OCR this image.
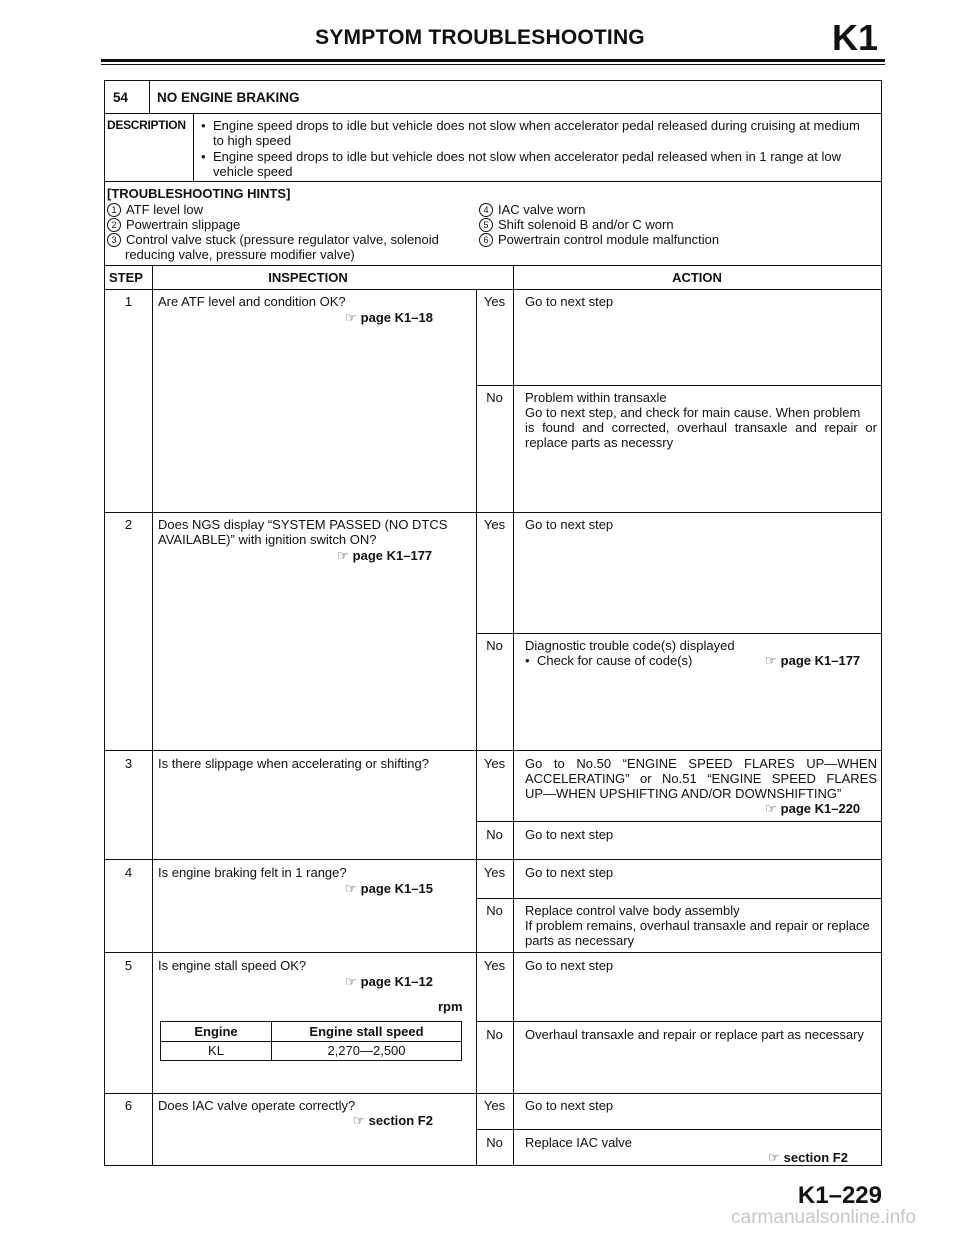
SYMPTOM TROUBLESHOOTING	K1
54 NO ENGINE BRAKING
DESCRIPTION • Engine speed drops to idle but vehicle does not slow when accelerator pedal released during cruising at medium
to high speed
• Engine speed drops to idle but vehicle does not slow when accelerator pedal released when in 1 range at low
vehicle speed
[TROUBLESHOOTING HINTS]
1 ATF level low
2 Powertrain slippage
3 Control valve stuck (pressure regulator valve, solenoid
reducing valve, pressure modifier valve)
4 IAC valve worn
5 Shift solenoid B and/or C worn
6 Powertrain control module malfunction
STEP	INSPECTION	ACTION
1	Are ATF level and condition OK?
☞ page K1–18
Yes	Go to next step
No	Problem within transaxle
Go to next step, and check for main cause. When problem
is found and corrected, overhaul transaxle and repair or
replace parts as necessry
2	Does NGS display “SYSTEM PASSED (NO DTCS
AVAILABLE)” with ignition switch ON?
☞ page K1–177
Yes	Go to next step
No	Diagnostic trouble code(s) displayed
• Check for cause of code(s)	☞ page K1–177
3	Is there slippage when accelerating or shifting?	Yes	Go to No.50 “ENGINE SPEED FLARES UP—WHEN
ACCELERATING” or No.51 “ENGINE SPEED FLARES
UP—WHEN UPSHIFTING AND/OR DOWNSHIFTING”
☞ page K1–220
No	Go to next step
4	Is engine braking felt in 1 range?
☞ page K1–15
Yes	Go to next step
No	Replace control valve body assembly
If problem remains, overhaul transaxle and repair or replace
parts as necessary
5	Is engine stall speed OK?
☞ page K1–12
rpm
Engine	Engine stall speed
KL	2,270—2,500
Yes	Go to next step
No	Overhaul transaxle and repair or replace part as necessary
6	Does IAC valve operate correctly?
☞ section F2
Yes	Go to next step
No	Replace IAC valve
☞ section F2
K1–229
carmanualsonline.info
